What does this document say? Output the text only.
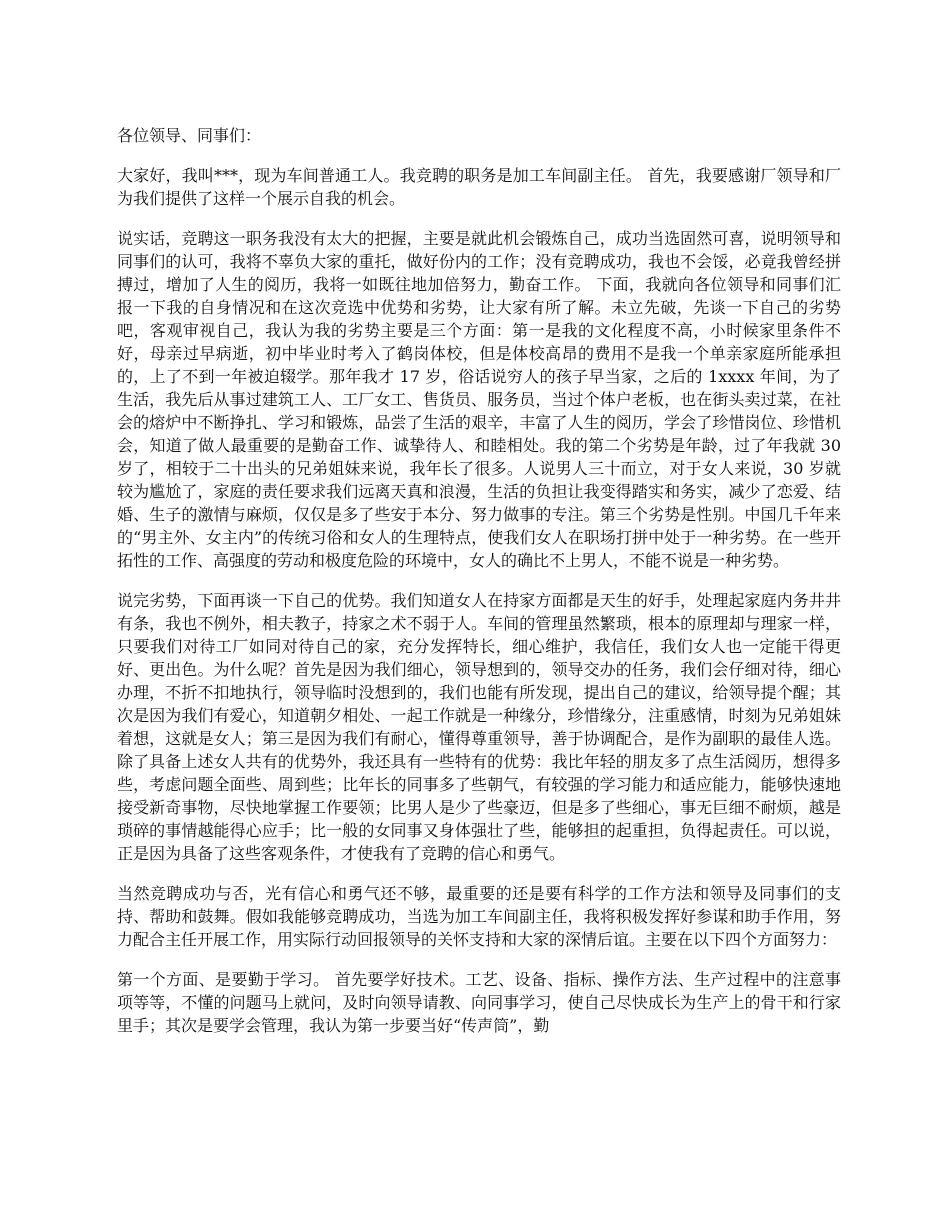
各位领导、同事们：

大家好，我叫***，现为车间普通工人。我竞聘的职务是加工车间副主任。 首先，我要感谢厂领导和厂为我们提供了这样一个展示自我的机会。

说实话，竞聘这一职务我没有太大的把握，主要是就此机会锻炼自己，成功当选固然可喜，说明领导和同事们的认可，我将不辜负大家的重托，做好份内的工作；没有竞聘成功，我也不会馁，必竟我曾经拼搏过，增加了人生的阅历，我将一如既往地加倍努力，勤奋工作。 下面，我就向各位领导和同事们汇报一下我的自身情况和在这次竞选中优势和劣势，让大家有所了解。未立先破，先谈一下自己的劣势吧，客观审视自己，我认为我的劣势主要是三个方面：第一是我的文化程度不高，小时候家里条件不好，母亲过早病逝，初中毕业时考入了鹤岗体校，但是体校高昂的费用不是我一个单亲家庭所能承担的，上了不到一年被迫辍学。那年我才 17 岁，俗话说穷人的孩子早当家，之后的 1xxxx 年间，为了生活，我先后从事过建筑工人、工厂女工、售货员、服务员，当过个体户老板，也在街头卖过菜，在社会的熔炉中不断挣扎、学习和锻炼，品尝了生活的艰辛，丰富了人生的阅历，学会了珍惜岗位、珍惜机会，知道了做人最重要的是勤奋工作、诚挚待人、和睦相处。我的第二个劣势是年龄，过了年我就 30 岁了，相较于二十出头的兄弟姐妹来说，我年长了很多。人说男人三十而立，对于女人来说，30 岁就较为尴尬了，家庭的责任要求我们远离天真和浪漫，生活的负担让我变得踏实和务实，减少了恋爱、结婚、生子的激情与麻烦，仅仅是多了些安于本分、努力做事的专注。第三个劣势是性别。中国几千年来的“男主外、女主内”的传统习俗和女人的生理特点，使我们女人在职场打拼中处于一种劣势。在一些开拓性的工作、高强度的劳动和极度危险的环境中，女人的确比不上男人，不能不说是一种劣势。

说完劣势，下面再谈一下自己的优势。我们知道女人在持家方面都是天生的好手，处理起家庭内务井井有条，我也不例外，相夫教子，持家之术不弱于人。车间的管理虽然繁琐，根本的原理却与理家一样，只要我们对待工厂如同对待自己的家，充分发挥特长，细心维护，我信任，我们女人也一定能干得更好、更出色。为什么呢？首先是因为我们细心，领导想到的，领导交办的任务，我们会仔细对待，细心办理，不折不扣地执行，领导临时没想到的，我们也能有所发现，提出自己的建议，给领导提个醒；其次是因为我们有爱心，知道朝夕相处、一起工作就是一种缘分，珍惜缘分，注重感情，时刻为兄弟姐妹着想，这就是女人；第三是因为我们有耐心，懂得尊重领导，善于协调配合，是作为副职的最佳人选。除了具备上述女人共有的优势外，我还具有一些特有的优势：我比年轻的朋友多了点生活阅历，想得多些，考虑问题全面些、周到些；比年长的同事多了些朝气，有较强的学习能力和适应能力，能够快速地接受新奇事物，尽快地掌握工作要领；比男人是少了些豪迈，但是多了些细心，事无巨细不耐烦，越是琐碎的事情越能得心应手；比一般的女同事又身体强壮了些，能够担的起重担，负得起责任。可以说，正是因为具备了这些客观条件，才使我有了竞聘的信心和勇气。

当然竞聘成功与否，光有信心和勇气还不够，最重要的还是要有科学的工作方法和领导及同事们的支持、帮助和鼓舞。假如我能够竞聘成功，当选为加工车间副主任，我将积极发挥好参谋和助手作用，努力配合主任开展工作，用实际行动回报领导的关怀支持和大家的深情后谊。主要在以下四个方面努力：

第一个方面、是要勤于学习。 首先要学好技术。工艺、设备、指标、操作方法、生产过程中的注意事项等等，不懂的问题马上就问，及时向领导请教、向同事学习，使自己尽快成长为生产上的骨干和行家里手；其次是要学会管理，我认为第一步要当好“传声筒”，勤
